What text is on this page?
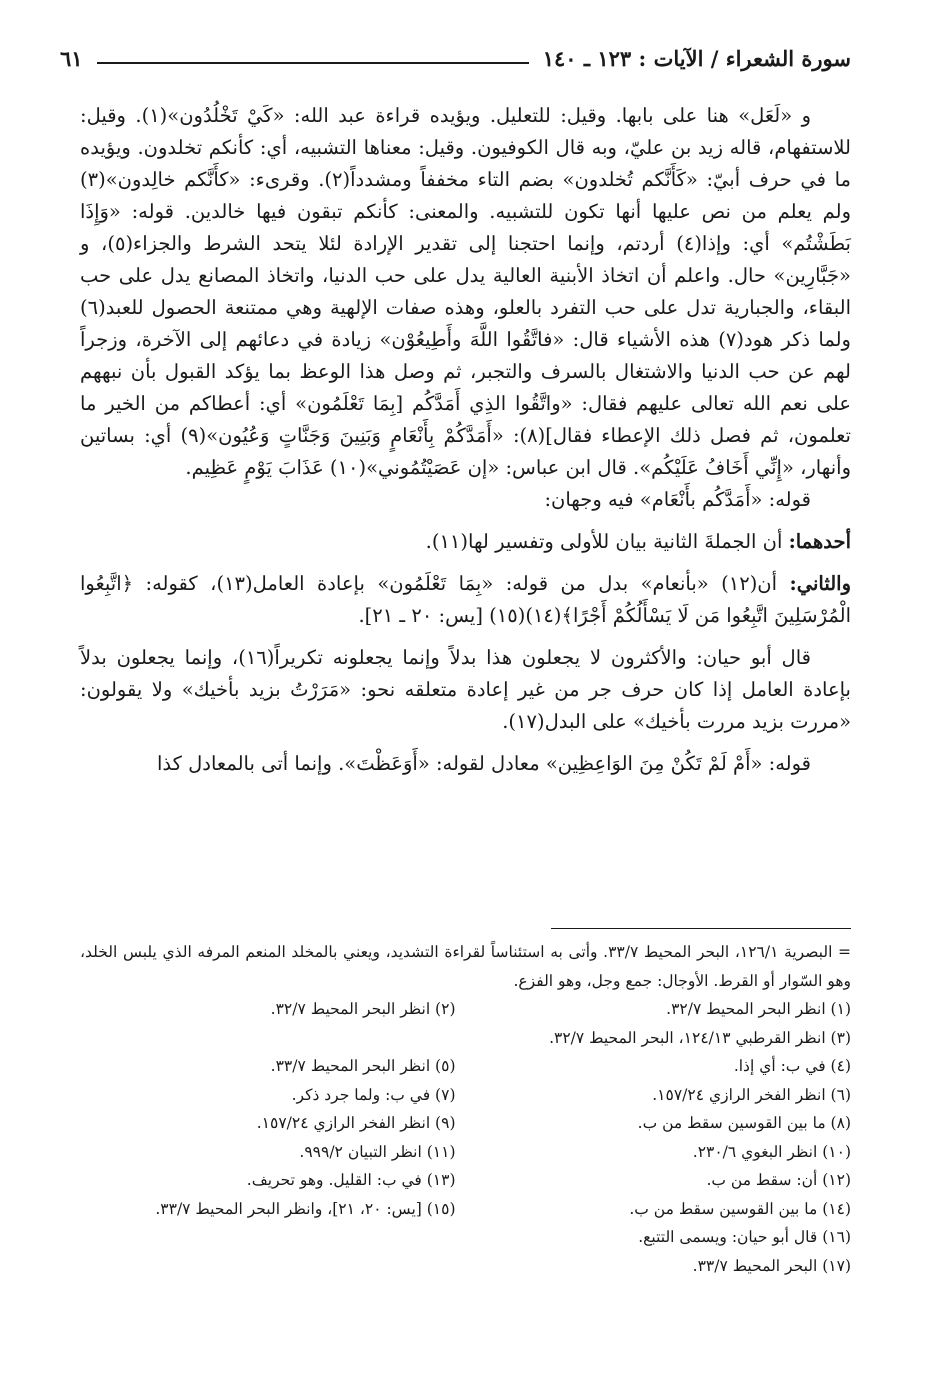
سورة الشعراء / الآيات : ١٢٣ ـ ١٤٠
٦١

و «لَعَل» هنا على بابها. وقيل: للتعليل. ويؤيده قراءة عبد الله: «كَيْ تَخْلُدُون»(١). وقيل: للاستفهام، قاله زيد بن عليّ، وبه قال الكوفيون. وقيل: معناها التشبيه، أي: كأنكم تخلدون. ويؤيده ما في حرف أبيّ: «كَأَنَّكم تُخلدون» بضم التاء مخففاً ومشدداً(٢). وقرىء: «كأَنَّكم خالِدون»(٣) ولم يعلم من نص عليها أنها تكون للتشبيه. والمعنى: كأنكم تبقون فيها خالدين. قوله: «وَإِذَا بَطَشْتُم» أي: وإذا(٤) أردتم، وإنما احتجنا إلى تقدير الإرادة لئلا يتحد الشرط والجزاء(٥)، و «جَبَّارِين» حال. واعلم أن اتخاذ الأبنية العالية يدل على حب الدنيا، واتخاذ المصانع يدل على حب البقاء، والجبارية تدل على حب التفرد بالعلو، وهذه صفات الإلهية وهي ممتنعة الحصول للعبد(٦) ولما ذكر هود(٧) هذه الأشياء قال: «فاتَّقُوا اللَّهَ وأَطِيعُوْن» زيادة في دعائهم إلى الآخرة، وزجراً لهم عن حب الدنيا والاشتغال بالسرف والتجبر، ثم وصل هذا الوعظ بما يؤكد القبول بأن نبههم على نعم الله تعالى عليهم فقال: «واتَّقُوا الذِي أَمَدَّكُم [بِمَا تَعْلَمُون» أي: أعطاكم من الخير ما تعلمون، ثم فصل ذلك الإعطاء فقال](٨): «أَمَدَّكُمْ بِأَنْعَامٍ وَبَنِينَ وَجَنَّاتٍ وَعُيُون»(٩) أي: بساتين وأنهار، «إِنِّي أَخَافُ عَلَيْكُم». قال ابن عباس: «إن عَصَيْتُمُوني»(١٠) عَذَابَ يَوْمٍ عَظِيم.

قوله: «أَمَدَّكُم بأَنْعَام» فيه وجهان:

أحدهما: أن الجملةَ الثانية بيان للأولى وتفسير لها(١١).

والثاني: أن(١٢) «بأنعام» بدل من قوله: «بِمَا تَعْلَمُون» بإعادة العامل(١٣)، كقوله: ﴿اتَّبِعُوا الْمُرْسَلِينَ اتَّبِعُوا مَن لَا يَسْأَلُكُمْ أَجْرًا﴾(١٤)(١٥) [يس: ٢٠ ـ ٢١].

قال أبو حيان: والأكثرون لا يجعلون هذا بدلاً وإنما يجعلونه تكريراً(١٦)، وإنما يجعلون بدلاً بإعادة العامل إذا كان حرف جر من غير إعادة متعلقه نحو: «مَرَرْتُ بزيد بأخيك» ولا يقولون: «مررت بزيد مررت بأخيك» على البدل(١٧).

قوله: «أَمْ لَمْ تَكُنْ مِنَ الوَاعِظِين» معادل لقوله: «أَوَعَظْتَ». وإنما أتى بالمعادل كذا

= البصرية ١٢٦/١، البحر المحيط ٣٣/٧. وأتى به استئناساً لقراءة التشديد، ويعني بالمخلد المنعم المرفه الذي يلبس الخلد، وهو السّوار أو القرط. الأوجال: جمع وجل، وهو الفزع.

(١) انظر البحر المحيط ٣٢/٧.
(٢) انظر البحر المحيط ٣٢/٧.

(٣) انظر القرطبي ١٢٤/١٣، البحر المحيط ٣٢/٧.

(٤) في ب: أي إذا.
(٥) انظر البحر المحيط ٣٣/٧.
(٦) انظر الفخر الرازي ١٥٧/٢٤.
(٧) في ب: ولما جرد ذكر.
(٨) ما بين القوسين سقط من ب.
(٩) انظر الفخر الرازي ١٥٧/٢٤.
(١٠) انظر البغوي ٢٣٠/٦.
(١١) انظر التبيان ٩٩٩/٢.
(١٢) أن: سقط من ب.
(١٣) في ب: القليل. وهو تحريف.
(١٤) ما بين القوسين سقط من ب.
(١٥) [يس: ٢٠، ٢١]، وانظر البحر المحيط ٣٣/٧.

(١٦) قال أبو حيان: ويسمى التتبع.

(١٧) البحر المحيط ٣٣/٧.
